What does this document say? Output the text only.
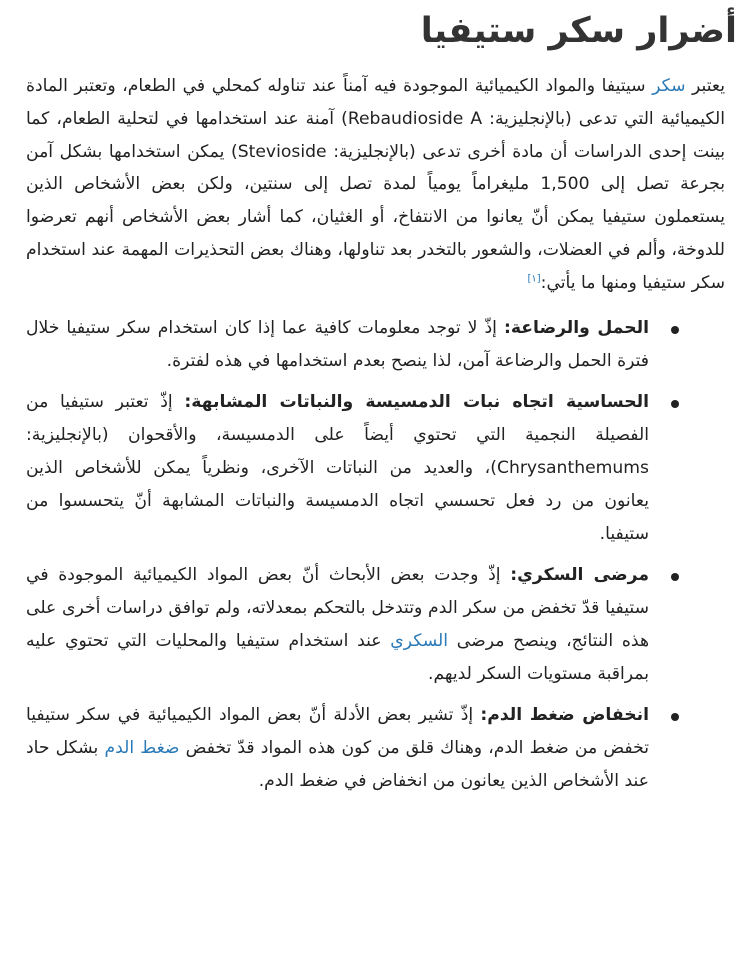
أضرار سكر ستيفيا

يعتبر سكر سيتيفا والمواد الكيميائية الموجودة فيه آمناً عند تناوله كمحلي في الطعام، وتعتبر المادة الكيميائية التي تدعى (بالإنجليزية: Rebaudioside A) آمنة عند استخدامها في لتحلية الطعام، كما بينت إحدى الدراسات أن مادة أخرى تدعى (بالإنجليزية: Stevioside) يمكن استخدامها بشكل آمن بجرعة تصل إلى 1,500 مليغراماً يومياً لمدة تصل إلى سنتين، ولكن بعض الأشخاص الذين يستعملون ستيفيا يمكن أنّ يعانوا من الانتفاخ، أو الغثيان، كما أشار بعض الأشخاص أنهم تعرضوا للدوخة، وألم في العضلات، والشعور بالتخدر بعد تناولها، وهناك بعض التحذيرات المهمة عند استخدام سكر ستيفيا ومنها ما يأتي:[١]

الحمل والرضاعة: إذّ لا توجد معلومات كافية عما إذا كان استخدام سكر ستيفيا خلال فترة الحمل والرضاعة آمن، لذا ينصح بعدم استخدامها في هذه لفترة.
الحساسية اتجاه نبات الدمسيسة والنباتات المشابهة: إذّ تعتبر ستيفيا من الفصيلة النجمية التي تحتوي أيضاً على الدمسيسة، والأقحوان (بالإنجليزية: Chrysanthemums)، والعديد من النباتات الآخرى، ونظرياً يمكن للأشخاص الذين يعانون من رد فعل تحسسي اتجاه الدمسيسة والنباتات المشابهة أنّ يتحسسوا من ستيفيا.
مرضى السكري: إذّ وجدت بعض الأبحاث أنّ بعض المواد الكيميائية الموجودة في ستيفيا قدّ تخفض من سكر الدم وتتدخل بالتحكم بمعدلاته، ولم توافق دراسات أخرى على هذه النتائج، وينصح مرضى السكري عند استخدام ستيفيا والمحليات التي تحتوي عليه بمراقبة مستويات السكر لديهم.
انخفاض ضغط الدم: إذّ تشير بعض الأدلة أنّ بعض المواد الكيميائية في سكر ستيفيا تخفض من ضغط الدم، وهناك قلق من كون هذه المواد قدّ تخفض ضغط الدم بشكل حاد عند الأشخاص الذين يعانون من انخفاض في ضغط الدم.
